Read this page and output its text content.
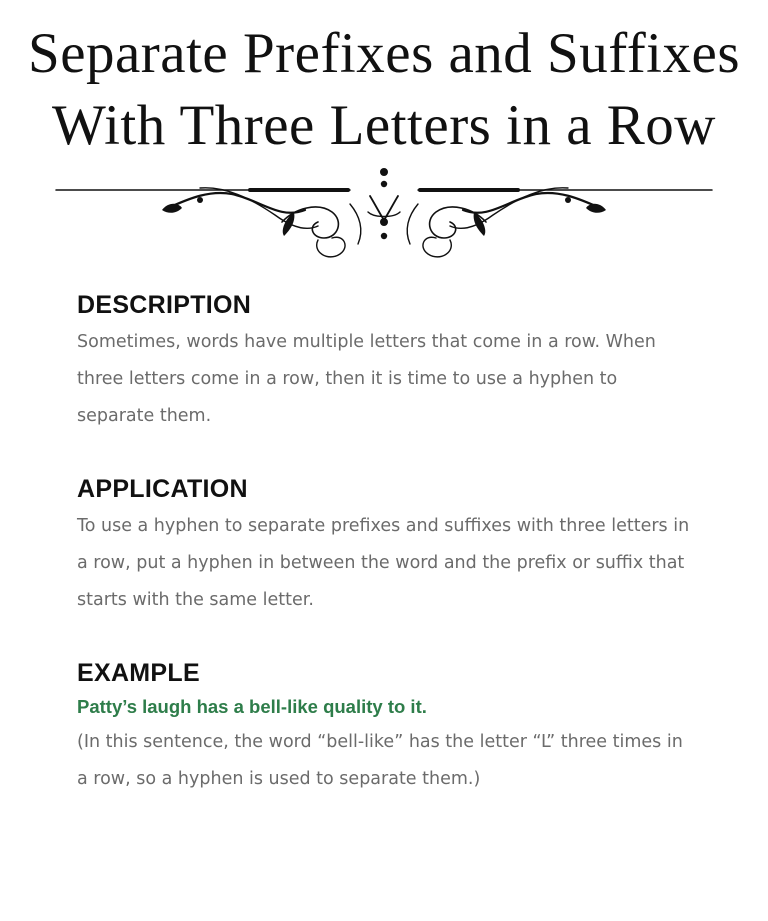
Separate Prefixes and Suffixes
With Three Letters in a Row
DESCRIPTION

Sometimes, words have multiple letters that come in a row. When three letters come in a row, then it is time to use a hyphen to separate them.

APPLICATION

To use a hyphen to separate prefixes and suffixes with three letters in a row, put a hyphen in between the word and the prefix or suffix that starts with the same letter.

EXAMPLE

Patty’s laugh has a bell-like quality to it.

(In this sentence, the word “bell-like” has the letter “L” three times in a row, so a hyphen is used to separate them.)
